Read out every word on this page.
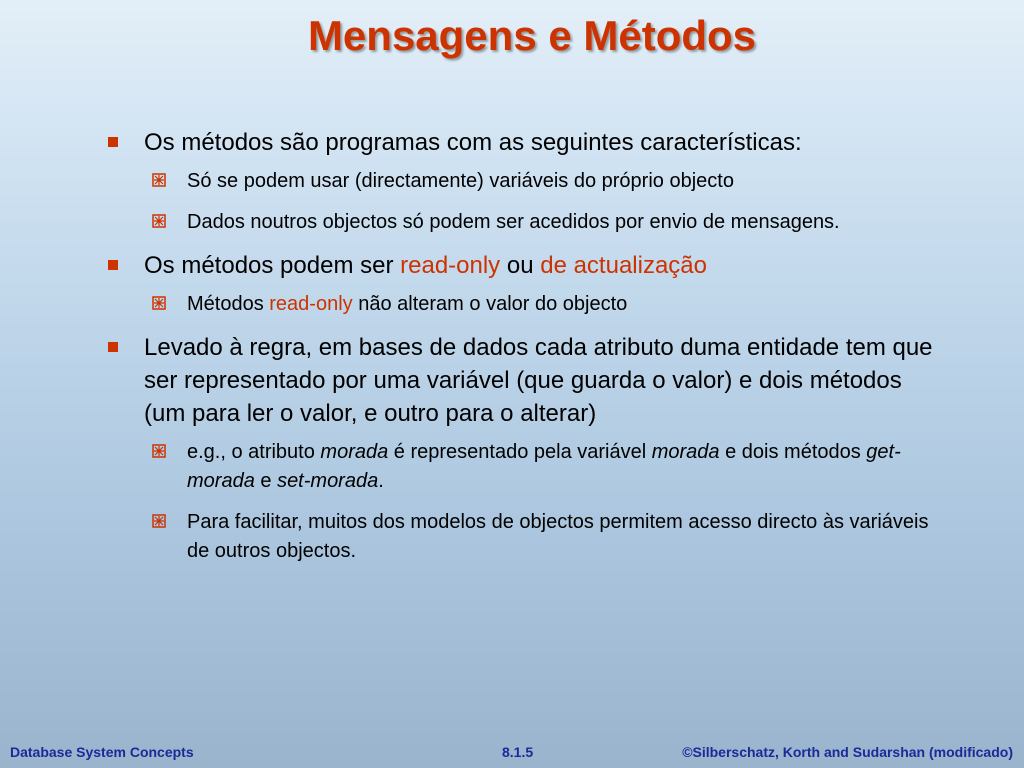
Mensagens e Métodos
Os métodos são programas com as seguintes características:
Só se podem usar (directamente) variáveis do próprio objecto
Dados noutros objectos só podem ser acedidos por envio de mensagens.
Os métodos podem ser read-only ou de actualização
Métodos read-only não alteram o valor do objecto
Levado à regra, em bases de dados cada atributo duma entidade tem que ser representado por uma variável (que guarda o valor) e dois métodos (um para ler o valor, e outro para o alterar)
e.g., o atributo morada é representado pela variável morada e dois métodos get-morada e set-morada.
Para facilitar, muitos dos modelos de objectos permitem acesso directo às variáveis de outros objectos.
Database System Concepts	8.1.5	©Silberschatz, Korth and Sudarshan (modificado)
